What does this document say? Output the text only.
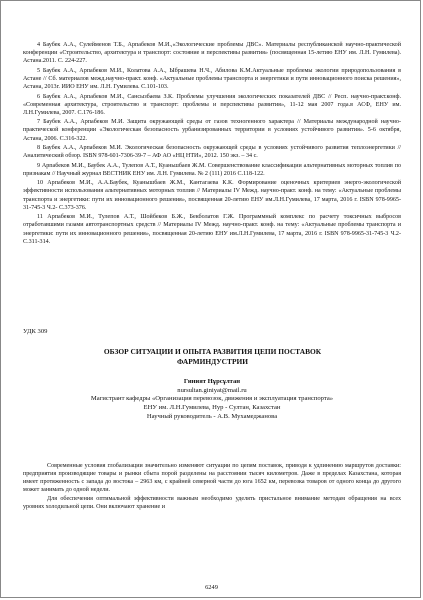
4 Баубек А.А., Сулейменов Т.Б., Арпабеков М.И.,«Экологические проблемы ДВС». Материалы республиканской научно-практической конференции «Строительство, архитектура и транспорт: состояние и перспективы развития» (посвященная 15-летию ЕНУ им. Л.Н. Гумилева). Астана.2011. С. 224-227.

5 Баубек А.А., Арпабеков М.И., Колатова А.А., Ыбрашева Н.Ч., Абилова К.М.Актуальные проблемы экологии природопользования в Астане // Сб. материалов межд.научно-практ. конф. «Актуальные проблемы транспорта и энергетики и пути инновационного поиска решения», Астана, 2013г. ИИО ЕНУ им. Л.Н. Гумилева. С.101-103.

6 Баубек А.А., Арпабеков М.И., Сансызбаева З.К. Проблемы улучшения экологических показателей ДВС // Респ. научно-практ.конф. «Современная архитектура, строительство и транспорт: проблемы и перспективы развития», 11-12 мая 2007 года.в АСФ, ЕНУ им. Л.Н.Гумилева, 2007. С.176-186.

7 Баубек А.А., Арпабеков М.И. Защита окружающей среды от газов техногенного характера // Материалы международной научно-практической конференции «Экологическая безопасность урбанизированных территории в условиях устойчивого развития». 5-6 октября, Астана, 2006. С.316-322.

8 Баубек А.А., Арпабеков М.И. Экологическая безопасность окружающей среды в условиях устойчивого развития теплоэнергетики // Аналитический обзор. ISBN 978-601-7306-39-7 – АФ АО «НЦ НТИ», 2012. 150 экз. – 34 с.

9 Арпабеков М.И., Баубек А.А., Тулепов А.Т., Куаньшбаев Ж.М. Совершенствование классификации альтернативных моторных топлив по признакам // Научный журнал ВЕСТНИК ЕНУ им. Л.Н. Гумилева. № 2 (111) 2016 С.118-122.

10 Арпабеков М.И., А.А.Баубек, Куанышбаев Ж.М., Кантагаева К.К. Формирование оценочных критериев энерго-экологической эффективности использования альтернативных моторных топлив // Материалы IV Межд. научно-практ. конф. на тему: «Актуальные проблемы транспорта и энергетики: пути их инновационного решения», посвященная 20-летию ЕНУ им.Л.Н.Гумилева, 17 марта, 2016 г. ISBN 978-9965-31-745-3 Ч.2- С.373-376.

11 Арпабеков М.И., Тулепов А.Т., Шойбеков Б.Ж., Бекболатов Г.Ж. Программный комплекс по расчету токсичных выбросов отработавшими газами автотранспортных средств // Материалы IV Межд. научно-практ. конф. на тему: «Актуальные проблемы транспорта и энергетики: пути их инновационного решения», посвященная 20-летию ЕНУ им.Л.Н.Гумилева, 17 марта, 2016 г. ISBN 978-9965-31-745-3 Ч.2- С.311-314.

УДК 309
ОБЗОР СИТУАЦИИ И ОПЫТА РАЗВИТИЯ ЦЕПИ ПОСТАВОК
ФАРМИНДУСТРИИ
Гиният Нұрсұлтан
nursultan.giniyat@mail.ru
Магистрант кафедры «Организация перевозок, движения и эксплуатация транспорта»
ЕНУ им. Л.Н.Гумилева, Нур - Султан, Казахстан
Научный руководитель - А.В. Мухамеджанова

Современные условия глобализации значительно изменяют ситуации по цепям поставок, приводя к удлинению маршрутов доставки: предприятия производящие товары и рынки сбыта порой разделены на расстоянии тысяч километров. Даже в пределах Казахстана, которая имеет протяженность с запада до востока – 2963 км, с крайней северной части до юга 1652 км, перевозка товаров от одного конца до другого может занимать до одной недели.

Для обеспечения оптимальной эффективности важным необходимо уделять пристальное внимание методам обращения на всех уровнях холодильной цепи. Они включают хранение и

6249
